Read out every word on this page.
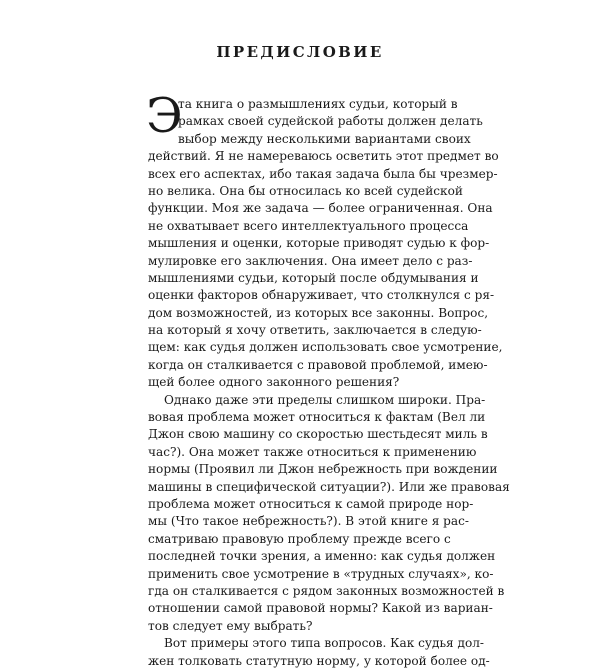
ПРЕДИСЛОВИЕ
Э
та книга о размышлениях судьи, который в
рамках своей судейской работы должен делать
выбор между несколькими вариантами своих
действий. Я не намереваюсь осветить этот предмет во
всех его аспектах, ибо такая задача была бы чрезмер-
но велика. Она бы относилась ко всей судейской
функции. Моя же задача — более ограниченная. Она
не охватывает всего интеллектуального процесса
мышления и оценки, которые приводят судью к фор-
мулировке его заключения. Она имеет дело с раз-
мышлениями судьи, который после обдумывания и
оценки факторов обнаруживает, что столкнулся с ря-
дом возможностей, из которых все законны. Вопрос,
на который я хочу ответить, заключается в следую-
щем: как судья должен использовать свое усмотрение,
когда он сталкивается с правовой проблемой, имею-
щей более одного законного решения?
Однако даже эти пределы слишком широки. Пра-
вовая проблема может относиться к фактам (Вел ли
Джон свою машину со скоростью шестьдесят миль в
час?). Она может также относиться к применению
нормы (Проявил ли Джон небрежность при вождении
машины в специфической ситуации?). Или же правовая
проблема может относиться к самой природе нор-
мы (Что такое небрежность?). В этой книге я рас-
сматриваю правовую проблему прежде всего с
последней точки зрения, а именно: как судья должен
применить свое усмотрение в «трудных случаях», ко-
гда он сталкивается с рядом законных возможностей в
отношении самой правовой нормы? Какой из вариан-
тов следует ему выбрать?
Вот примеры этого типа вопросов. Как судья дол-
жен толковать статутную норму, у которой более од-
